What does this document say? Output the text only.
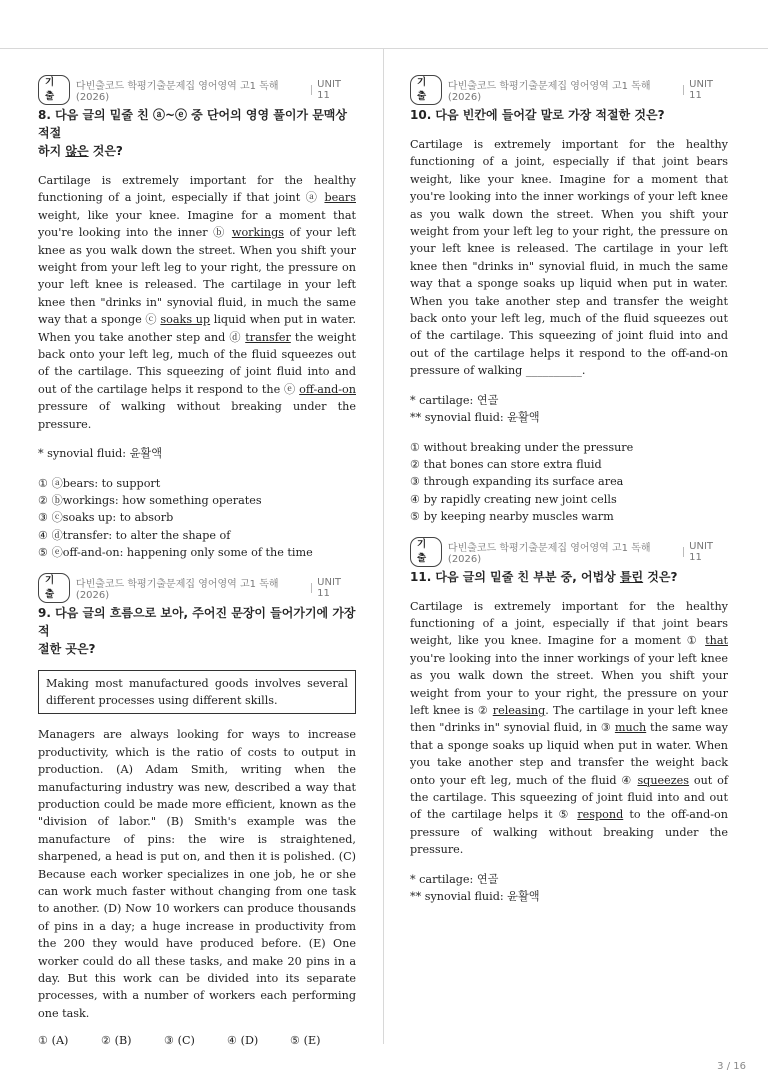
기출
다빈출코드 학평기출문제집 영어영역 고1 독해(2026)
UNIT 11
8. 다음 글의 밑줄 친 ⓐ~ⓔ 중 단어의 영영 풀이가 문맥상 적절
하지 않은 것은?

Cartilage is extremely important for the healthy functioning of a joint, especially if that joint ⓐ bears weight, like your knee. Imagine for a moment that you're looking into the inner ⓑ workings of your left knee as you walk down the street. When you shift your weight from your left leg to your right, the pressure on your left knee is released. The cartilage in your left knee then "drinks in" synovial fluid, in much the same way that a sponge ⓒ soaks up liquid when put in water. When you take another step and ⓓ transfer the weight back onto your left leg, much of the fluid squeezes out of the cartilage. This squeezing of joint fluid into and out of the cartilage helps it respond to the ⓔ off-and-on pressure of walking without breaking under the pressure.

* synovial fluid: 윤활액
① ⓐbears: to support
② ⓑworkings: how something operates
③ ⓒsoaks up: to absorb
④ ⓓtransfer: to alter the shape of
⑤ ⓔoff-and-on: happening only some of the time
기출
다빈출코드 학평기출문제집 영어영역 고1 독해(2026)
UNIT 11
9. 다음 글의 흐름으로 보아, 주어진 문장이 들어가기에 가장 적
절한 곳은?
Making most manufactured goods involves several different processes using different skills.

Managers are always looking for ways to increase productivity, which is the ratio of costs to output in production. (A) Adam Smith, writing when the manufacturing industry was new, described a way that production could be made more efficient, known as the "division of labor." (B) Smith's example was the manufacture of pins: the wire is straightened, sharpened, a head is put on, and then it is polished. (C) Because each worker specializes in one job, he or she can work much faster without changing from one task to another. (D) Now 10 workers can produce thousands of pins in a day; a huge increase in productivity from the 200 they would have produced before. (E) One worker could do all these tasks, and make 20 pins in a day. But this work can be divided into its separate processes, with a number of workers each performing one task.

① (A)	② (B)	③ (C)	④ (D)	⑤ (E)
기출
다빈출코드 학평기출문제집 영어영역 고1 독해(2026)
UNIT 11
10. 다음 빈칸에 들어갈 말로 가장 적절한 것은?

Cartilage is extremely important for the healthy functioning of a joint, especially if that joint bears weight, like your knee. Imagine for a moment that you're looking into the inner workings of your left knee as you walk down the street. When you shift your weight from your left leg to your right, the pressure on your left knee is released. The cartilage in your left knee then "drinks in" synovial fluid, in much the same way that a sponge soaks up liquid when put in water. When you take another step and transfer the weight back onto your left leg, much of the fluid squeezes out of the cartilage. This squeezing of joint fluid into and out of the cartilage helps it respond to the off-and-on pressure of walking __________.

* cartilage: 연골
** synovial fluid: 윤활액
① without breaking under the pressure
② that bones can store extra fluid
③ through expanding its surface area
④ by rapidly creating new joint cells
⑤ by keeping nearby muscles warm
기출
다빈출코드 학평기출문제집 영어영역 고1 독해(2026)
UNIT 11
11. 다음 글의 밑줄 친 부분 중, 어법상 틀린 것은?

Cartilage is extremely important for the healthy functioning of a joint, especially if that joint bears weight, like you knee. Imagine for a moment ① that you're looking into the inner workings of your left knee as you walk down the street. When you shift your weight from your to your right, the pressure on your left knee is ② releasing. The cartilage in your left knee then "drinks in" synovial fluid, in ③ much the same way that a sponge soaks up liquid when put in water. When you take another step and transfer the weight back onto your eft leg, much of the fluid ④ squeezes out of the cartilage. This squeezing of joint fluid into and out of the cartilage helps it ⑤ respond to the off-and-on pressure of walking without breaking under the pressure.

* cartilage: 연골
** synovial fluid: 윤활액
3 / 16
